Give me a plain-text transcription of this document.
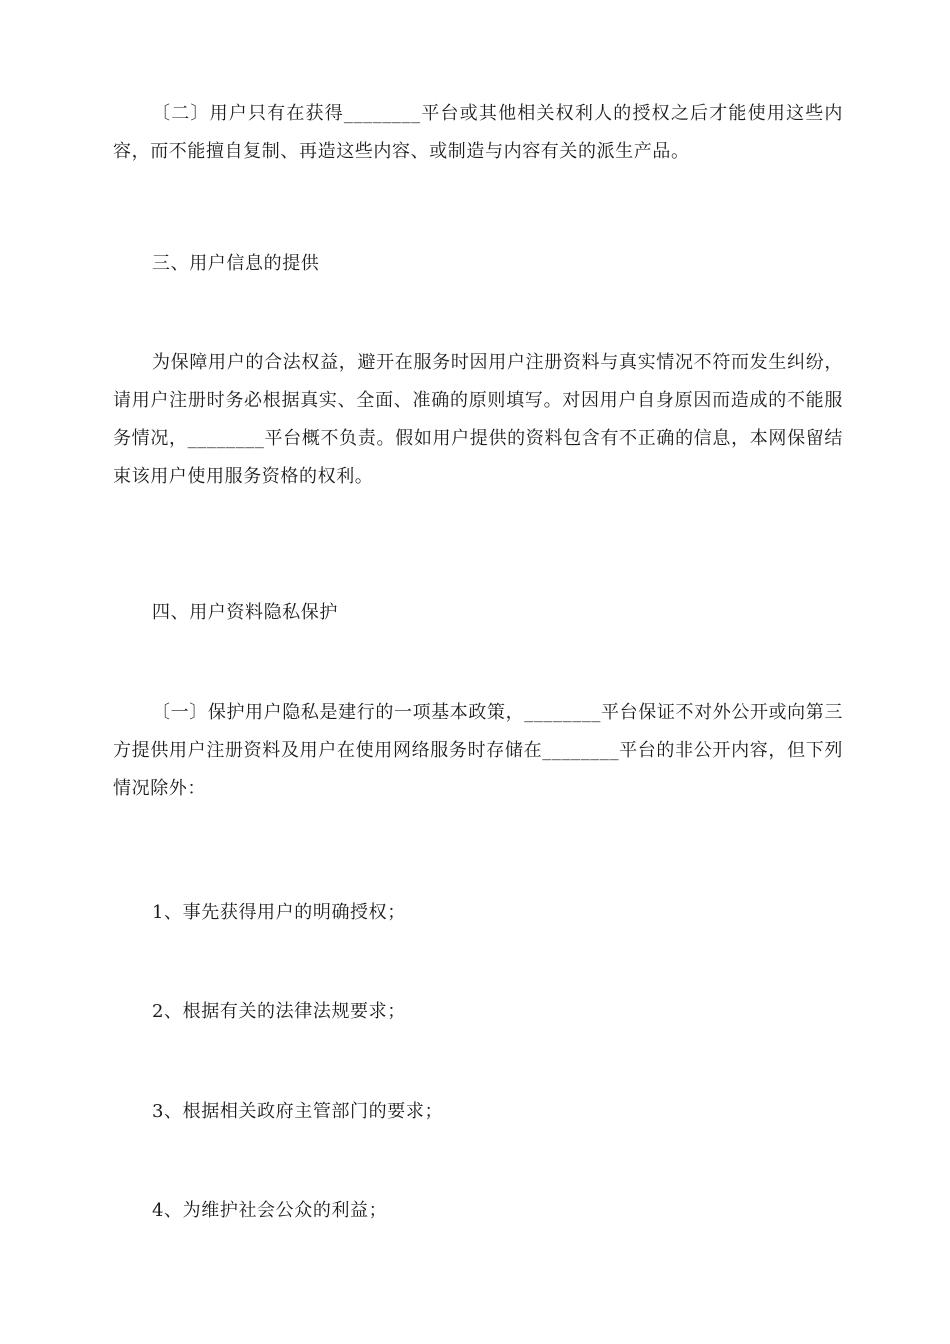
〔二〕用户只有在获得________平台或其他相关权利人的授权之后才能使用这些内容，而不能擅自复制、再造这些内容、或制造与内容有关的派生产品。

三、用户信息的提供

为保障用户的合法权益，避开在服务时因用户注册资料与真实情况不符而发生纠纷，请用户注册时务必根据真实、全面、准确的原则填写。对因用户自身原因而造成的不能服务情况，________平台概不负责。假如用户提供的资料包含有不正确的信息，本网保留结束该用户使用服务资格的权利。

四、用户资料隐私保护

〔一〕保护用户隐私是建行的一项基本政策，________平台保证不对外公开或向第三方提供用户注册资料及用户在使用网络服务时存储在________平台的非公开内容，但下列情况除外：

1、事先获得用户的明确授权；

2、根据有关的法律法规要求；

3、根据相关政府主管部门的要求；

4、为维护社会公众的利益；
